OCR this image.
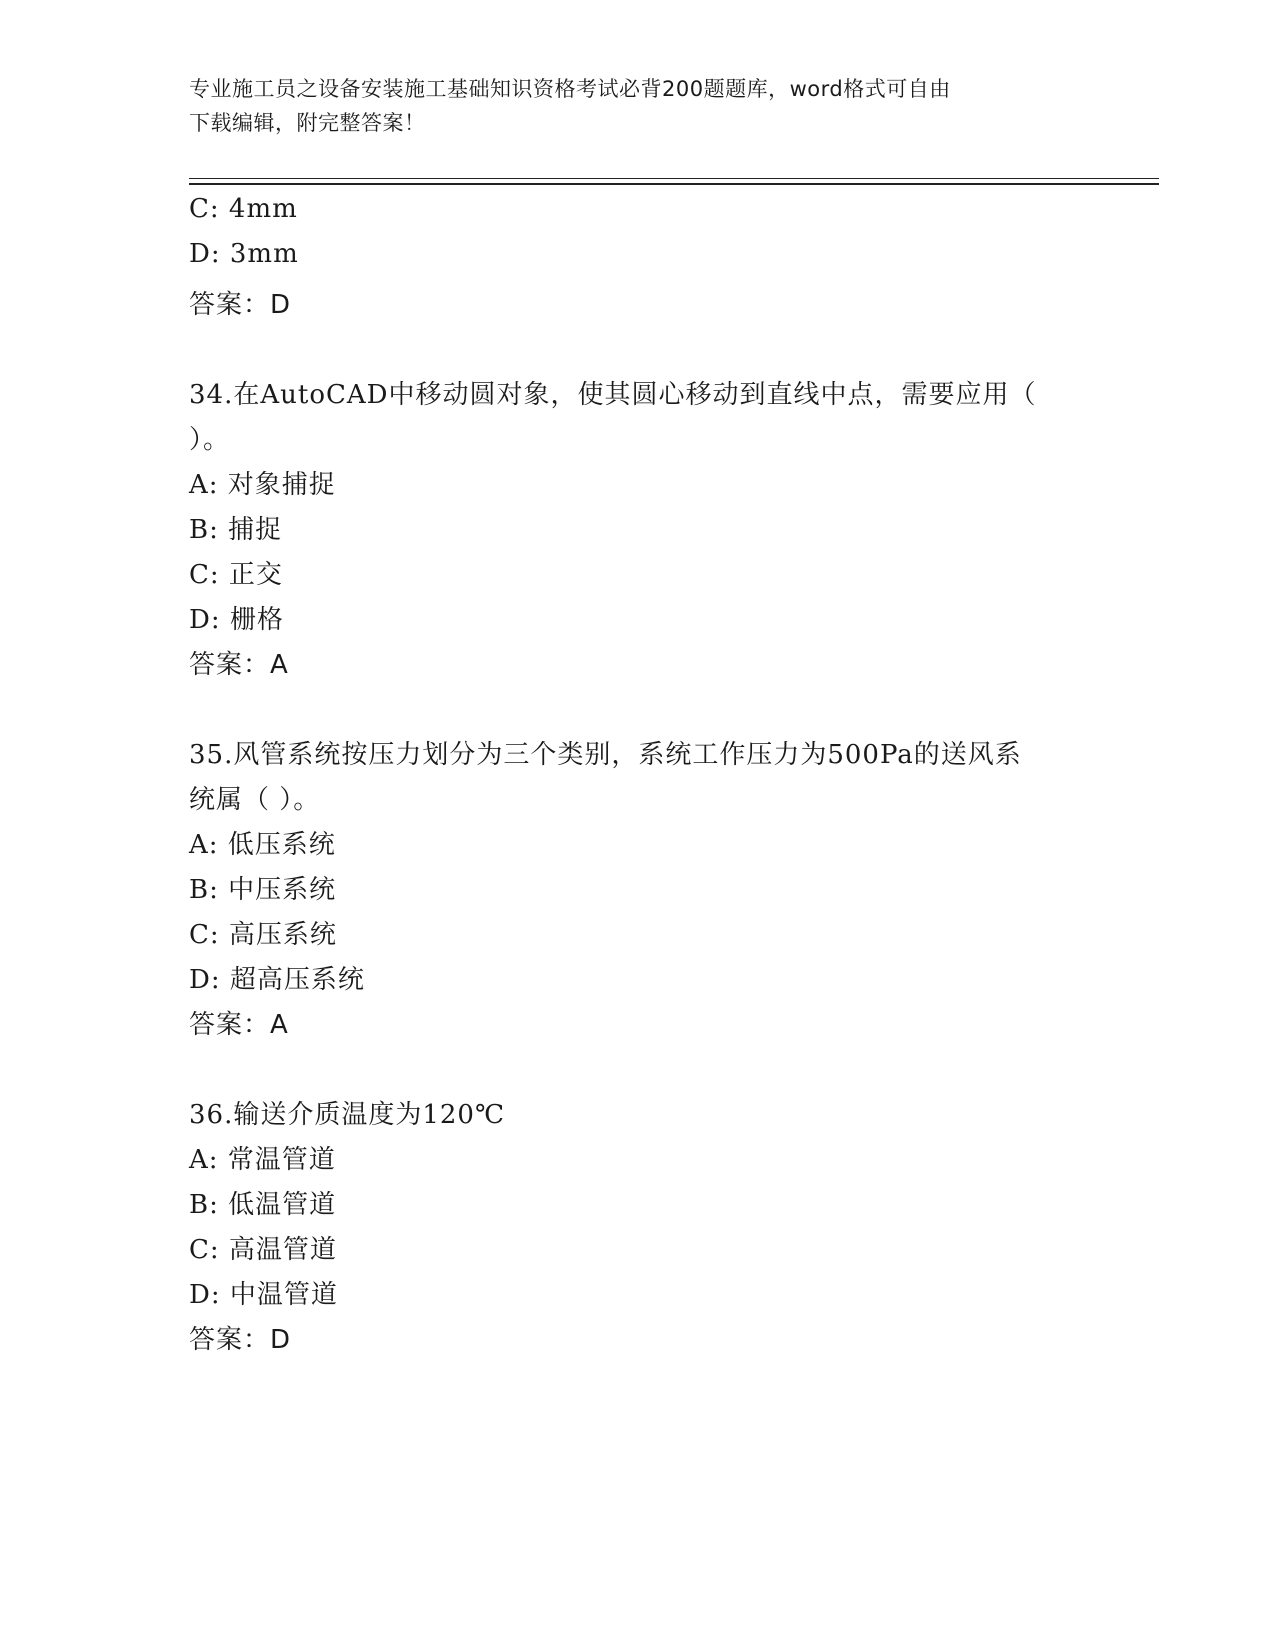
专业施工员之设备安装施工基础知识资格考试必背200题题库，word格式可自由
下载编辑，附完整答案！
C: 4mm
D: 3mm
答案：D
34.在AutoCAD中移动圆对象，使其圆心移动到直线中点，需要应用（
）。
A: 对象捕捉
B: 捕捉
C: 正交
D: 栅格
答案：A
35.风管系统按压力划分为三个类别，系统工作压力为500Pa的送风系
统属（ ）。
A: 低压系统
B: 中压系统
C: 高压系统
D: 超高压系统
答案：A
36.输送介质温度为120℃
A: 常温管道
B: 低温管道
C: 高温管道
D: 中温管道
答案：D
